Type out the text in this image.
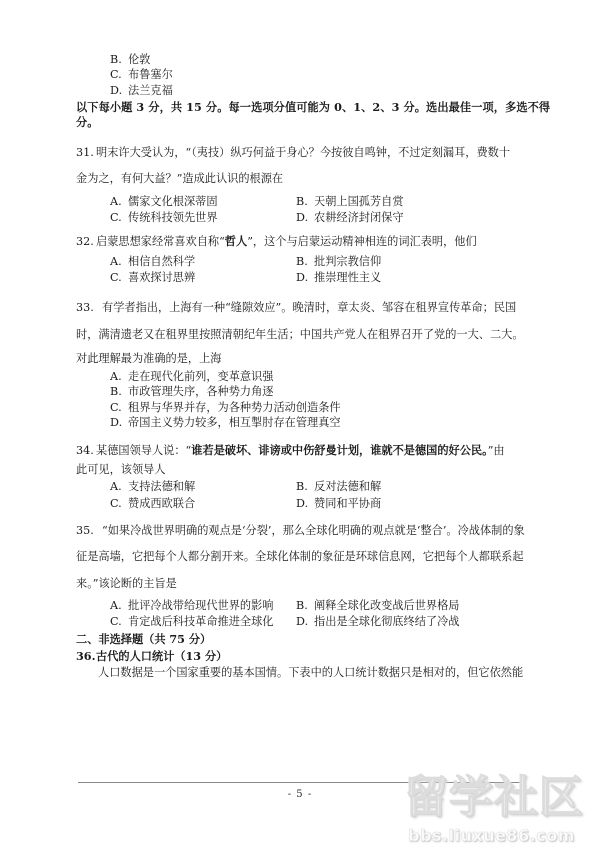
B. 伦敦
C. 布鲁塞尔
D. 法兰克福
以下每小题 3 分，共 15 分。每一选项分值可能为 0、1、2、3 分。选出最佳一项，多选不得
分。
31. 明末许大受认为，“（夷技）纵巧何益于身心？今按彼自鸣钟，不过定刻漏耳，费数十
金为之，有何大益？”造成此认识的根源在
A. 儒家文化根深蒂固	B. 天朝上国孤芳自赏
C. 传统科技领先世界	D. 农耕经济封闭保守
32. 启蒙思想家经常喜欢自称“哲人”，这个与启蒙运动精神相连的词汇表明，他们
A. 相信自然科学	B. 批判宗教信仰
C. 喜欢探讨思辨	D. 推崇理性主义
33. 有学者指出，上海有一种“缝隙效应”。晚清时，章太炎、邹容在租界宣传革命；民国
时，满清遗老又在租界里按照清朝纪年生活；中国共产党人在租界召开了党的一大、二大。
对此理解最为准确的是，上海
A. 走在现代化前列，变革意识强
B. 市政管理失序，各种势力角逐
C. 租界与华界并存，为各种势力活动创造条件
D. 帝国主义势力较多，相互掣肘存在管理真空
34. 某德国领导人说：“谁若是破坏、诽谤或中伤舒曼计划，谁就不是德国的好公民。”由
此可见，该领导人
A. 支持法德和解	B. 反对法德和解
C. 赞成西欧联合	D. 赞同和平协商
35. “如果冷战世界明确的观点是‘分裂’，那么全球化明确的观点就是‘整合’。冷战体制的象
征是高墙，它把每个人都分割开来。全球化体制的象征是环球信息网，它把每个人都联系起
来。”该论断的主旨是
A. 批评冷战带给现代世界的影响	B. 阐释全球化改变战后世界格局
C. 肯定战后科技革命推进全球化	D. 指出是全球化彻底终结了冷战
二、非选择题（共 75 分）
36.古代的人口统计（13 分）
人口数据是一个国家重要的基本国情。下表中的人口统计数据只是相对的，但它依然能
- 5 -	留学社区
bbs.liuxue86.com
